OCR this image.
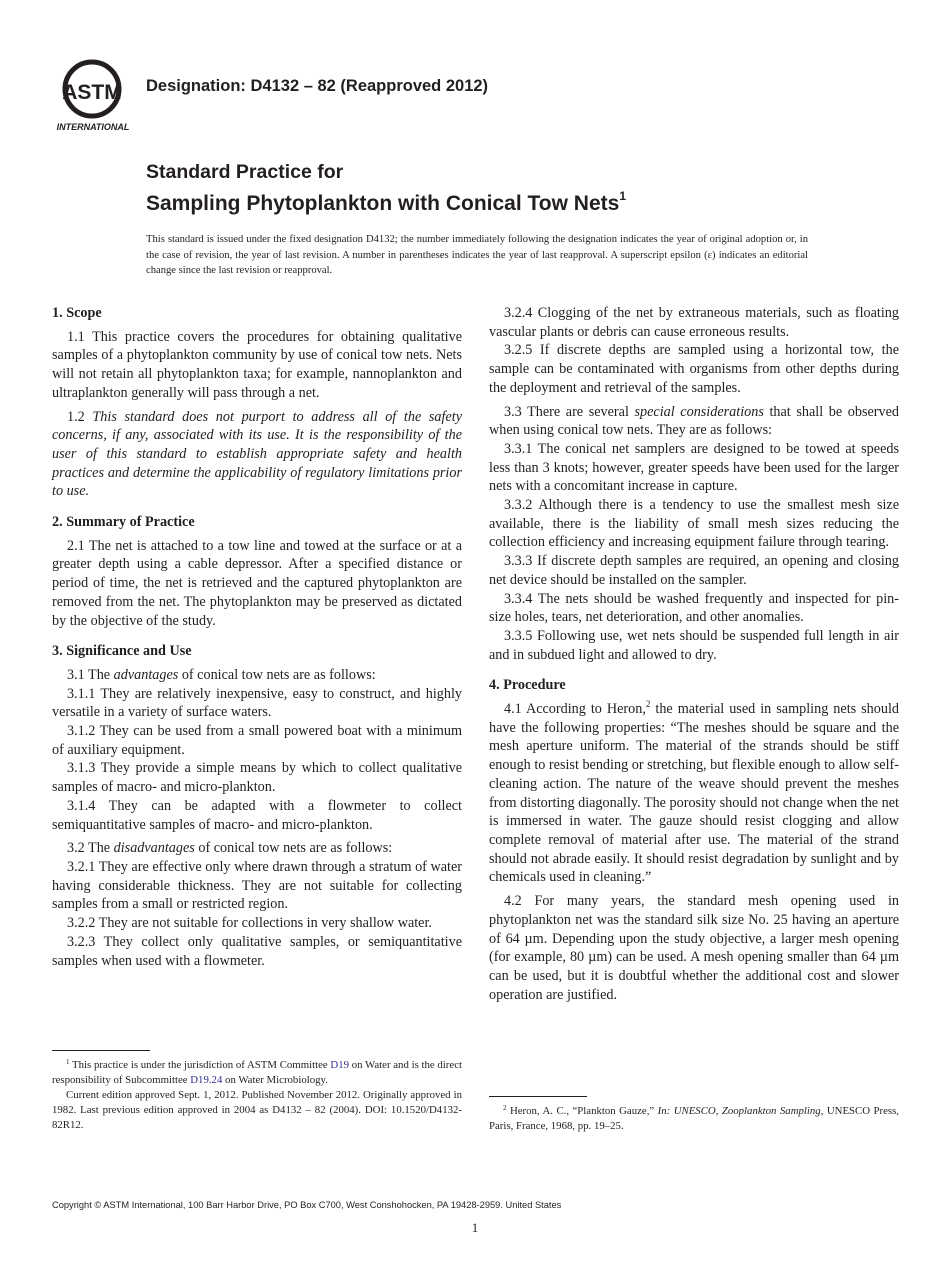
ASTM
INTERNATIONAL
Designation: D4132 – 82 (Reapproved 2012)
Standard Practice for
Sampling Phytoplankton with Conical Tow Nets$^1$
This standard is issued under the fixed designation D4132; the number immediately following the designation indicates the year of original adoption or, in the case of revision, the year of last revision. A number in parentheses indicates the year of last reapproval. A superscript epsilon (ε) indicates an editorial change since the last revision or reapproval.
1. Scope

1.1 This practice covers the procedures for obtaining qualitative samples of a phytoplankton community by use of conical tow nets. Nets will not retain all phytoplankton taxa; for example, nannoplankton and ultraplankton generally will pass through a net.

1.2 This standard does not purport to address all of the safety concerns, if any, associated with its use. It is the responsibility of the user of this standard to establish appropriate safety and health practices and determine the applicability of regulatory limitations prior to use.

2. Summary of Practice

2.1 The net is attached to a tow line and towed at the surface or at a greater depth using a cable depressor. After a specified distance or period of time, the net is retrieved and the captured phytoplankton are removed from the net. The phytoplankton may be preserved as dictated by the objective of the study.

3. Significance and Use

3.1 The advantages of conical tow nets are as follows:

3.1.1 They are relatively inexpensive, easy to construct, and highly versatile in a variety of surface waters.

3.1.2 They can be used from a small powered boat with a minimum of auxiliary equipment.

3.1.3 They provide a simple means by which to collect qualitative samples of macro- and micro-plankton.

3.1.4 They can be adapted with a flowmeter to collect semiquantitative samples of macro- and micro-plankton.

3.2 The disadvantages of conical tow nets are as follows:

3.2.1 They are effective only where drawn through a stratum of water having considerable thickness. They are not suitable for collecting samples from a small or restricted region.

3.2.2 They are not suitable for collections in very shallow water.

3.2.3 They collect only qualitative samples, or semiquantitative samples when used with a flowmeter.

$^1$ This practice is under the jurisdiction of ASTM Committee D19 on Water and is the direct responsibility of Subcommittee D19.24 on Water Microbiology.

Current edition approved Sept. 1, 2012. Published November 2012. Originally approved in 1982. Last previous edition approved in 2004 as D4132 – 82 (2004). DOI: 10.1520/D4132-82R12.

3.2.4 Clogging of the net by extraneous materials, such as floating vascular plants or debris can cause erroneous results.

3.2.5 If discrete depths are sampled using a horizontal tow, the sample can be contaminated with organisms from other depths during the deployment and retrieval of the samples.

3.3 There are several special considerations that shall be observed when using conical tow nets. They are as follows:

3.3.1 The conical net samplers are designed to be towed at speeds less than 3 knots; however, greater speeds have been used for the larger nets with a concomitant increase in capture.

3.3.2 Although there is a tendency to use the smallest mesh size available, there is the liability of small mesh sizes reducing the collection efficiency and increasing equipment failure through tearing.

3.3.3 If discrete depth samples are required, an opening and closing net device should be installed on the sampler.

3.3.4 The nets should be washed frequently and inspected for pin-size holes, tears, net deterioration, and other anomalies.

3.3.5 Following use, wet nets should be suspended full length in air and in subdued light and allowed to dry.

4. Procedure

4.1 According to Heron,$^2$ the material used in sampling nets should have the following properties: “The meshes should be square and the mesh aperture uniform. The material of the strands should be stiff enough to resist bending or stretching, but flexible enough to allow self-cleaning action. The nature of the weave should prevent the meshes from distorting diagonally. The porosity should not change when the net is immersed in water. The gauze should resist clogging and allow complete removal of material after use. The material of the strand should not abrade easily. It should resist degradation by sunlight and by chemicals used in cleaning.”

4.2 For many years, the standard mesh opening used in phytoplankton net was the standard silk size No. 25 having an aperture of 64 µm. Depending upon the study objective, a larger mesh opening (for example, 80 µm) can be used. A mesh opening smaller than 64 µm can be used, but it is doubtful whether the additional cost and slower operation are justified.

$^2$ Heron, A. C., “Plankton Gauze,” In: UNESCO, Zooplankton Sampling, UNESCO Press, Paris, France, 1968, pp. 19–25.

Copyright © ASTM International, 100 Barr Harbor Drive, PO Box C700, West Conshohocken, PA 19428-2959. United States
1
